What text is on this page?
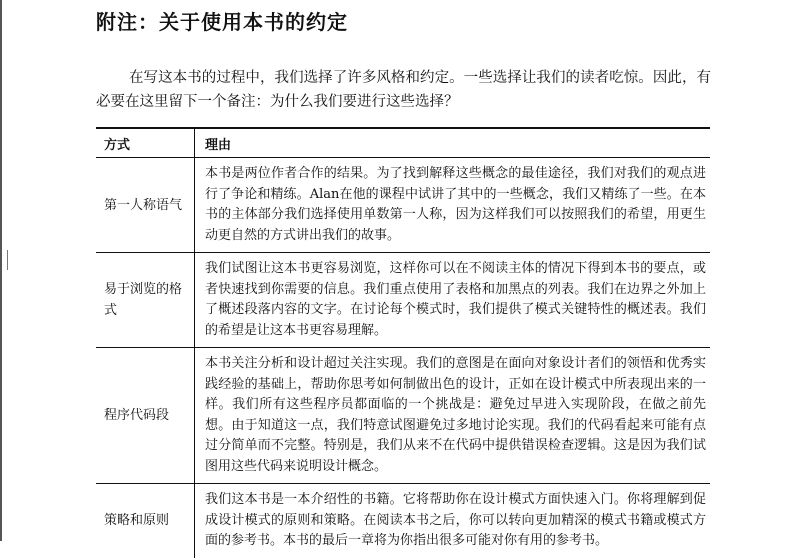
附注：关于使用本书的约定

在写这本书的过程中，我们选择了许多风格和约定。一些选择让我们的读者吃惊。因此，有必要在这里留下一个备注：为什么我们要进行这些选择？

方式	理由
第一人称语气	本书是两位作者合作的结果。为了找到解释这些概念的最佳途径，我们对我们的观点进行了争论和精练。Alan在他的课程中试讲了其中的一些概念，我们又精练了一些。在本书的主体部分我们选择使用单数第一人称，因为这样我们可以按照我们的希望，用更生动更自然的方式讲出我们的故事。
易于浏览的格式	我们试图让这本书更容易浏览，这样你可以在不阅读主体的情况下得到本书的要点，或者快速找到你需要的信息。我们重点使用了表格和加黑点的列表。我们在边界之外加上了概述段落内容的文字。在讨论每个模式时，我们提供了模式关键特性的概述表。我们的希望是让这本书更容易理解。
程序代码段	本书关注分析和设计超过关注实现。我们的意图是在面向对象设计者们的领悟和优秀实践经验的基础上，帮助你思考如何制做出色的设计，正如在设计模式中所表现出来的一样。我们所有这些程序员都面临的一个挑战是：避免过早进入实现阶段，在做之前先想。由于知道这一点，我们特意试图避免过多地讨论实现。我们的代码看起来可能有点过分简单而不完整。特别是，我们从来不在代码中提供错误检查逻辑。这是因为我们试图用这些代码来说明设计概念。
策略和原则	我们这本书是一本介绍性的书籍。它将帮助你在设计模式方面快速入门。你将理解到促成设计模式的原则和策略。在阅读本书之后，你可以转向更加精深的模式书籍或模式方面的参考书。本书的最后一章将为你指出很多可能对你有用的参考书。
